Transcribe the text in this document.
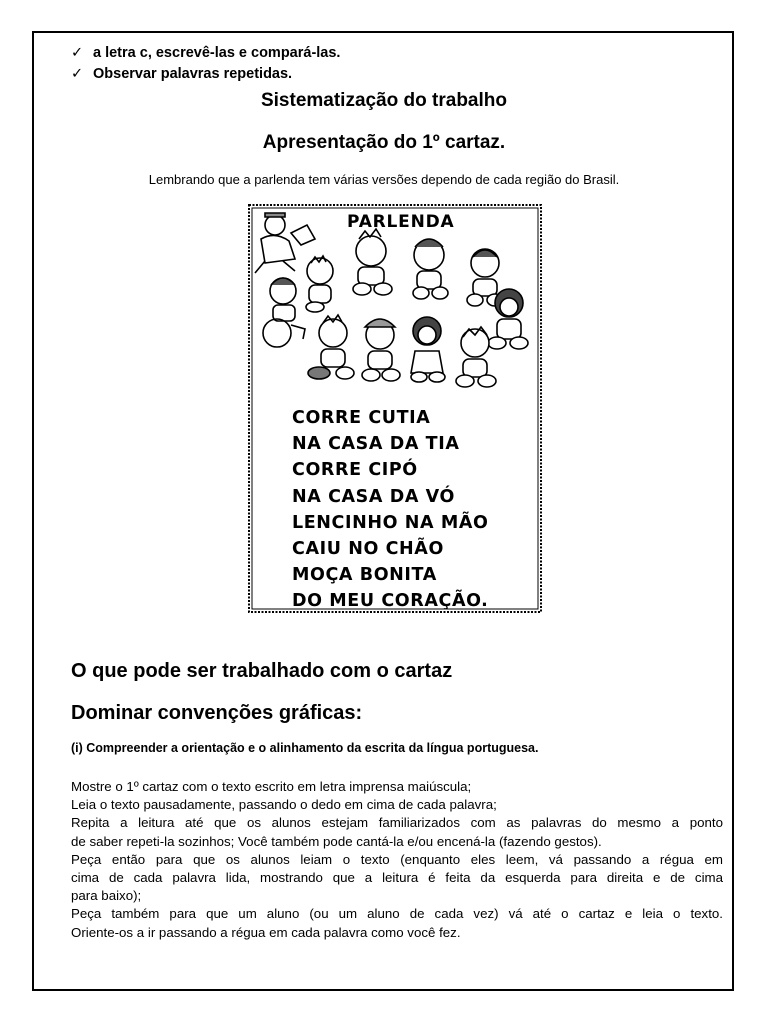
✓ a letra c, escrevê-las e compará-las.
✓ Observar palavras repetidas.
Sistematização do trabalho
Apresentação do 1º cartaz.
Lembrando que a parlenda tem várias versões dependo de cada região do Brasil.
PARLENDA
CORRE CUTIA
NA CASA DA TIA
CORRE CIPÓ
NA CASA DA VÓ
LENCINHO NA MÃO
CAIU NO CHÃO
MOÇA BONITA
DO MEU CORAÇÃO.
O que pode ser trabalhado com o cartaz
Dominar convenções gráficas:
(i) Compreender a orientação e o alinhamento da escrita da língua portuguesa.
Mostre o 1º cartaz com o texto escrito em letra imprensa maiúscula;
Leia o texto pausadamente, passando o dedo em cima de cada palavra;
Repita a leitura até que os alunos estejam familiarizados com as palavras do mesmo a ponto
de saber repeti-la sozinhos; Você também pode cantá-la e/ou encená-la (fazendo gestos).
Peça então para que os alunos leiam o texto (enquanto eles leem, vá passando a régua em
cima de cada palavra lida, mostrando que a leitura é feita da esquerda para direita e de cima
para baixo);
Peça também para que um aluno (ou um aluno de cada vez) vá até o cartaz e leia o texto.
Oriente-os a ir passando a régua em cada palavra como você fez.
